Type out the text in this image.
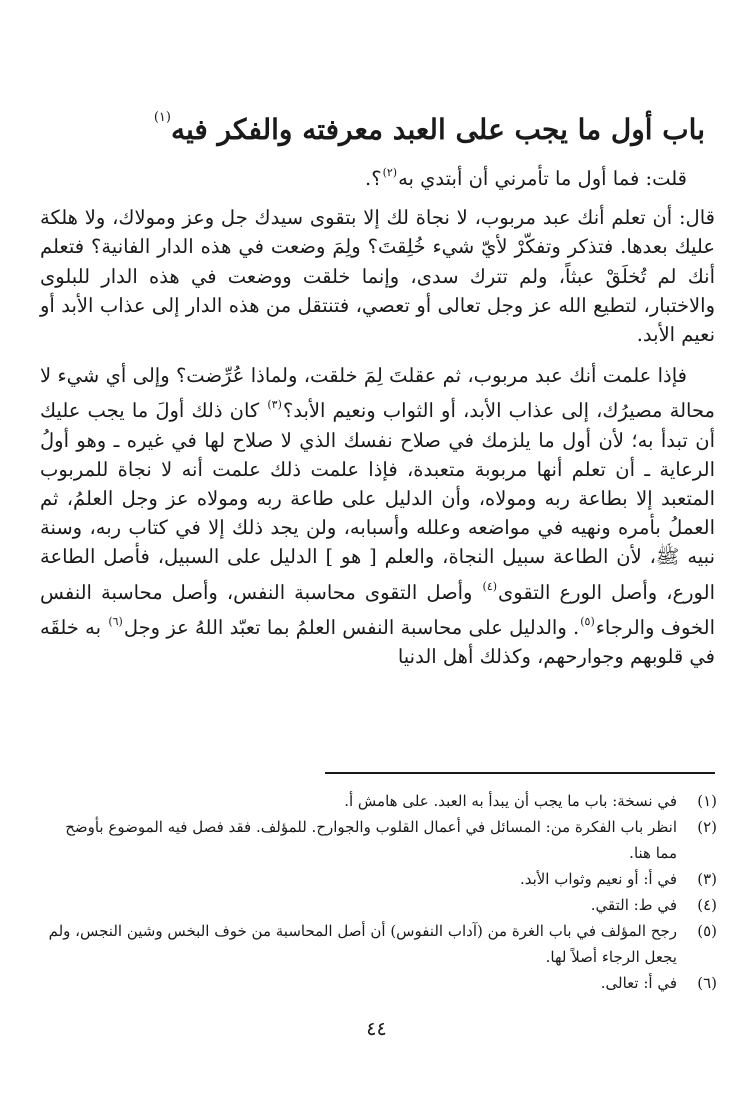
باب أول ما يجب على العبد معرفته والفكر فيه$^{(١)}$

قلت: فما أول ما تأمرني أن أبتدي به$^{(٢)}$؟.

قال: أن تعلم أنك عبد مربوب، لا نجاة لك إلا بتقوى سيدك جل وعز ومولاك، ولا هلكة عليك بعدها. فتذكر وتفكّرْ لأيّ شيء خُلِقتَ؟ ولِمَ وضعت في هذه الدار الفانية؟ فتعلم أنك لم تُخلَقْ عبثاً، ولم تترك سدى، وإنما خلقت ووضعت في هذه الدار للبلوى والاختبار، لتطيع الله عز وجل تعالى أو تعصي، فتنتقل من هذه الدار إلى عذاب الأبد أو نعيم الأبد.

فإذا علمت أنك عبد مربوب، ثم عقلتَ لِمَ خلقت، ولماذا عُرِّضت؟ وإلى أي شيء لا محالة مصيرُك، إلى عذاب الأبد، أو الثواب ونعيم الأبد؟$^{(٣)}$ كان ذلك أولَ ما يجب عليك أن تبدأ به؛ لأن أول ما يلزمك في صلاح نفسك الذي لا صلاح لها في غيره ـ وهو أولُ الرعاية ـ أن تعلم أنها مربوبة متعبدة، فإذا علمت ذلك علمت أنه لا نجاة للمربوب المتعبد إلا بطاعة ربه ومولاه، وأن الدليل على طاعة ربه ومولاه عز وجل العلمُ، ثم العملُ بأمره ونهيه في مواضعه وعلله وأسبابه، ولن يجد ذلك إلا في كتاب ربه، وسنة نبيه ﷺ، لأن الطاعة سبيل النجاة، والعلم [ هو ] الدليل على السبيل، فأصل الطاعة الورع، وأصل الورع التقوى$^{(٤)}$ وأصل التقوى محاسبة النفس، وأصل محاسبة النفس الخوف والرجاء$^{(٥)}$. والدليل على محاسبة النفس العلمُ بما تعبّد اللهُ عز وجل$^{(٦)}$ به خلقَه في قلوبهم وجوارحهم، وكذلك أهل الدنيا

(١)
في نسخة: باب ما يجب أن يبدأ به العبد. على هامش أ.
(٢)
انظر باب الفكرة من: المسائل في أعمال القلوب والجوارح. للمؤلف. فقد فصل فيه الموضوع بأوضح مما هنا.
(٣)
في أ: أو نعيم وثواب الأبد.
(٤)
في ط: التقي.
(٥)
رجح المؤلف في باب الغرة من (آداب النفوس) أن أصل المحاسبة من خوف البخس وشين النجس، ولم يجعل الرجاء أصلاً لها.
(٦)
في أ: تعالى.
٤٤
